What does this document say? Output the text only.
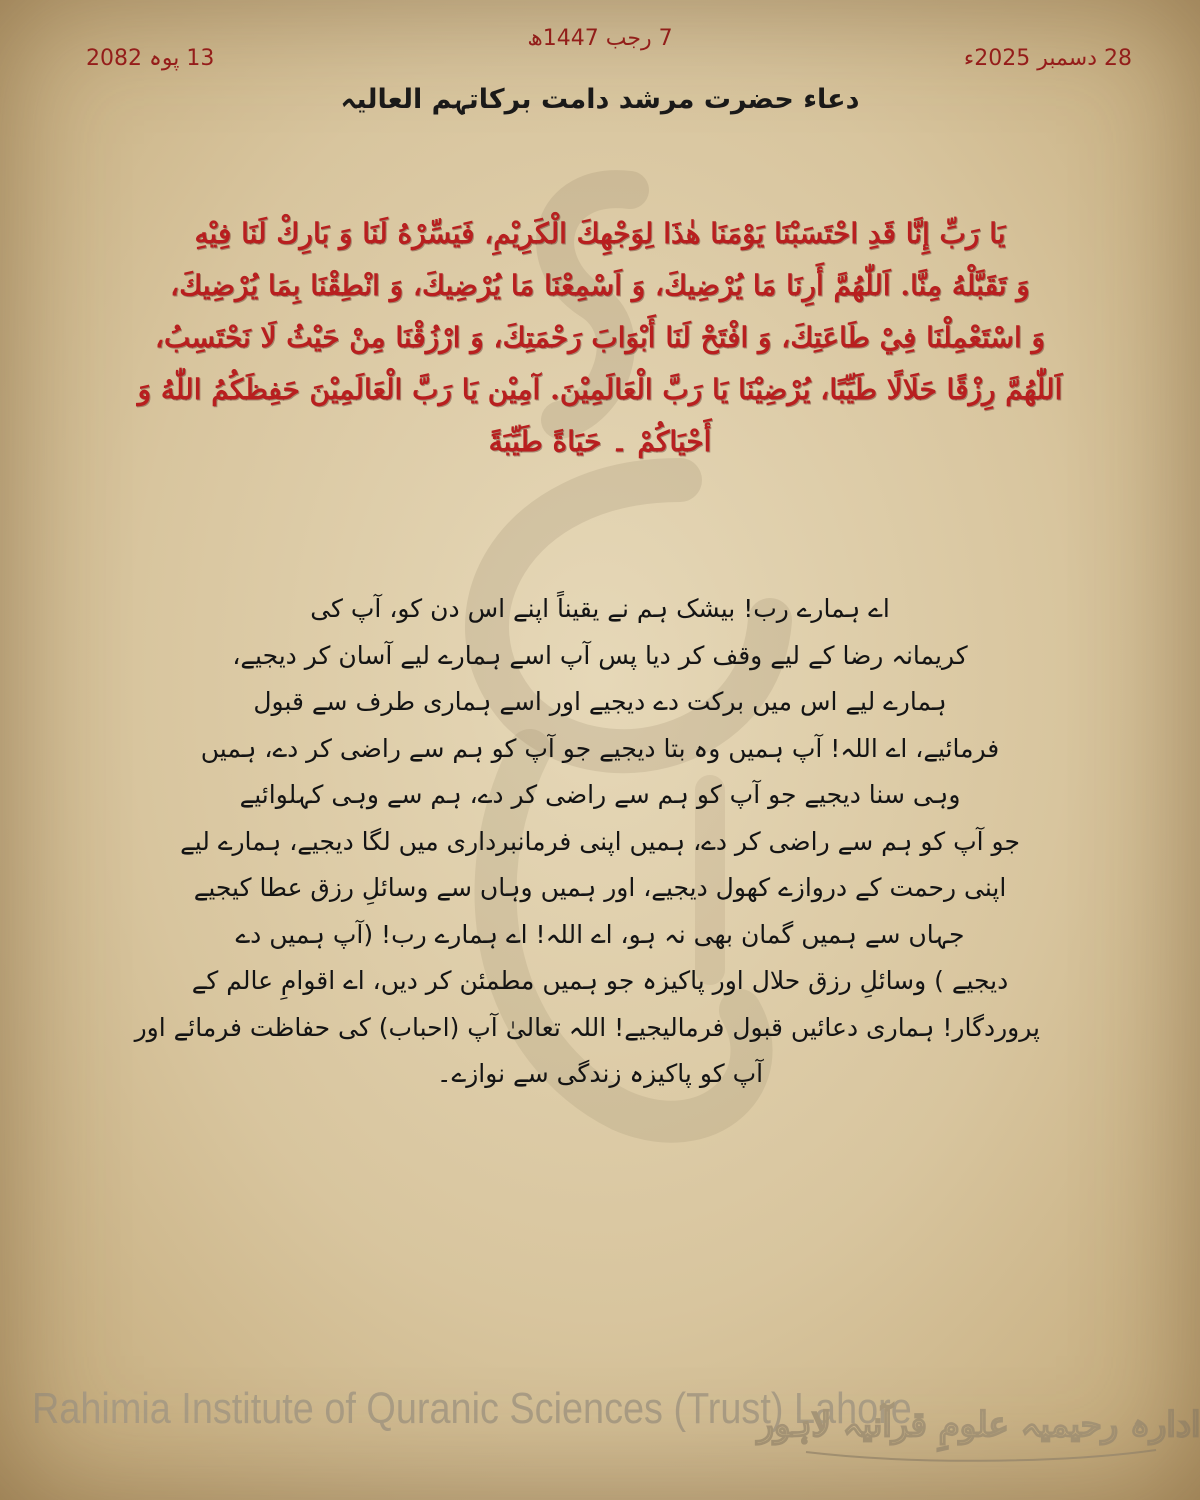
7 رجب 1447ھ
28 دسمبر 2025ء
13 پوہ 2082
دعاء حضرت مرشد دامت برکاتہم العالیہ
يَا رَبِّ إِنَّا قَدِ احْتَسَبْنَا يَوْمَنَا هٰذَا لِوَجْهِكَ الْكَرِيْمِ، فَيَسِّرْهُ لَنَا وَ بَارِكْ لَنَا فِيْهِ
وَ تَقَبَّلْهُ مِنَّا. اَللّٰهُمَّ أَرِنَا مَا يُرْضِيكَ، وَ اَسْمِعْنَا مَا يُرْضِيكَ، وَ انْطِقْنَا بِمَا يُرْضِيكَ،
وَ اسْتَعْمِلْنَا فِيْ طَاعَتِكَ، وَ افْتَحْ لَنَا أَبْوَابَ رَحْمَتِكَ، وَ ارْزُقْنَا مِنْ حَيْثُ لَا نَحْتَسِبُ،
اَللّٰهُمَّ رِزْقًا حَلَالًا طَيِّبًا، يُرْضِيْنَا يَا رَبَّ الْعَالَمِيْنَ. آمِيْن يَا رَبَّ الْعَالَمِيْنَ حَفِظَكُمُ اللّٰهُ وَ
أَحْيَاكُمْ ۔ حَيَاةً طَيِّبَةً
اے ہمارے رب! بیشک ہم نے یقیناً اپنے اس دن کو، آپ کی
کریمانہ رضا کے لیے وقف کر دیا پس آپ اسے ہمارے لیے آسان کر دیجیے،
ہمارے لیے اس میں برکت دے دیجیے اور اسے ہماری طرف سے قبول
فرمائیے، اے اللہ! آپ ہمیں وہ بتا دیجیے جو آپ کو ہم سے راضی کر دے، ہمیں
وہی سنا دیجیے جو آپ کو ہم سے راضی کر دے، ہم سے وہی کہلوائیے
جو آپ کو ہم سے راضی کر دے، ہمیں اپنی فرمانبرداری میں لگا دیجیے، ہمارے لیے
اپنی رحمت کے دروازے کھول دیجیے، اور ہمیں وہاں سے وسائلِ رزق عطا کیجیے
جہاں سے ہمیں گمان بھی نہ ہو، اے اللہ! اے ہمارے رب! (آپ ہمیں دے
دیجیے ) وسائلِ رزق حلال اور پاکیزہ جو ہمیں مطمئن کر دیں، اے اقوامِ عالم کے
پروردگار! ہماری دعائیں قبول فرمالیجیے! اللہ تعالیٰ آپ (احباب) کی حفاظت فرمائے اور
آپ کو پاکیزہ زندگی سے نوازے۔
Rahimia Institute of Quranic Sciences (Trust) Lahore
ادارہ رحیمیہ علومِ قرآنیہ لاہور
